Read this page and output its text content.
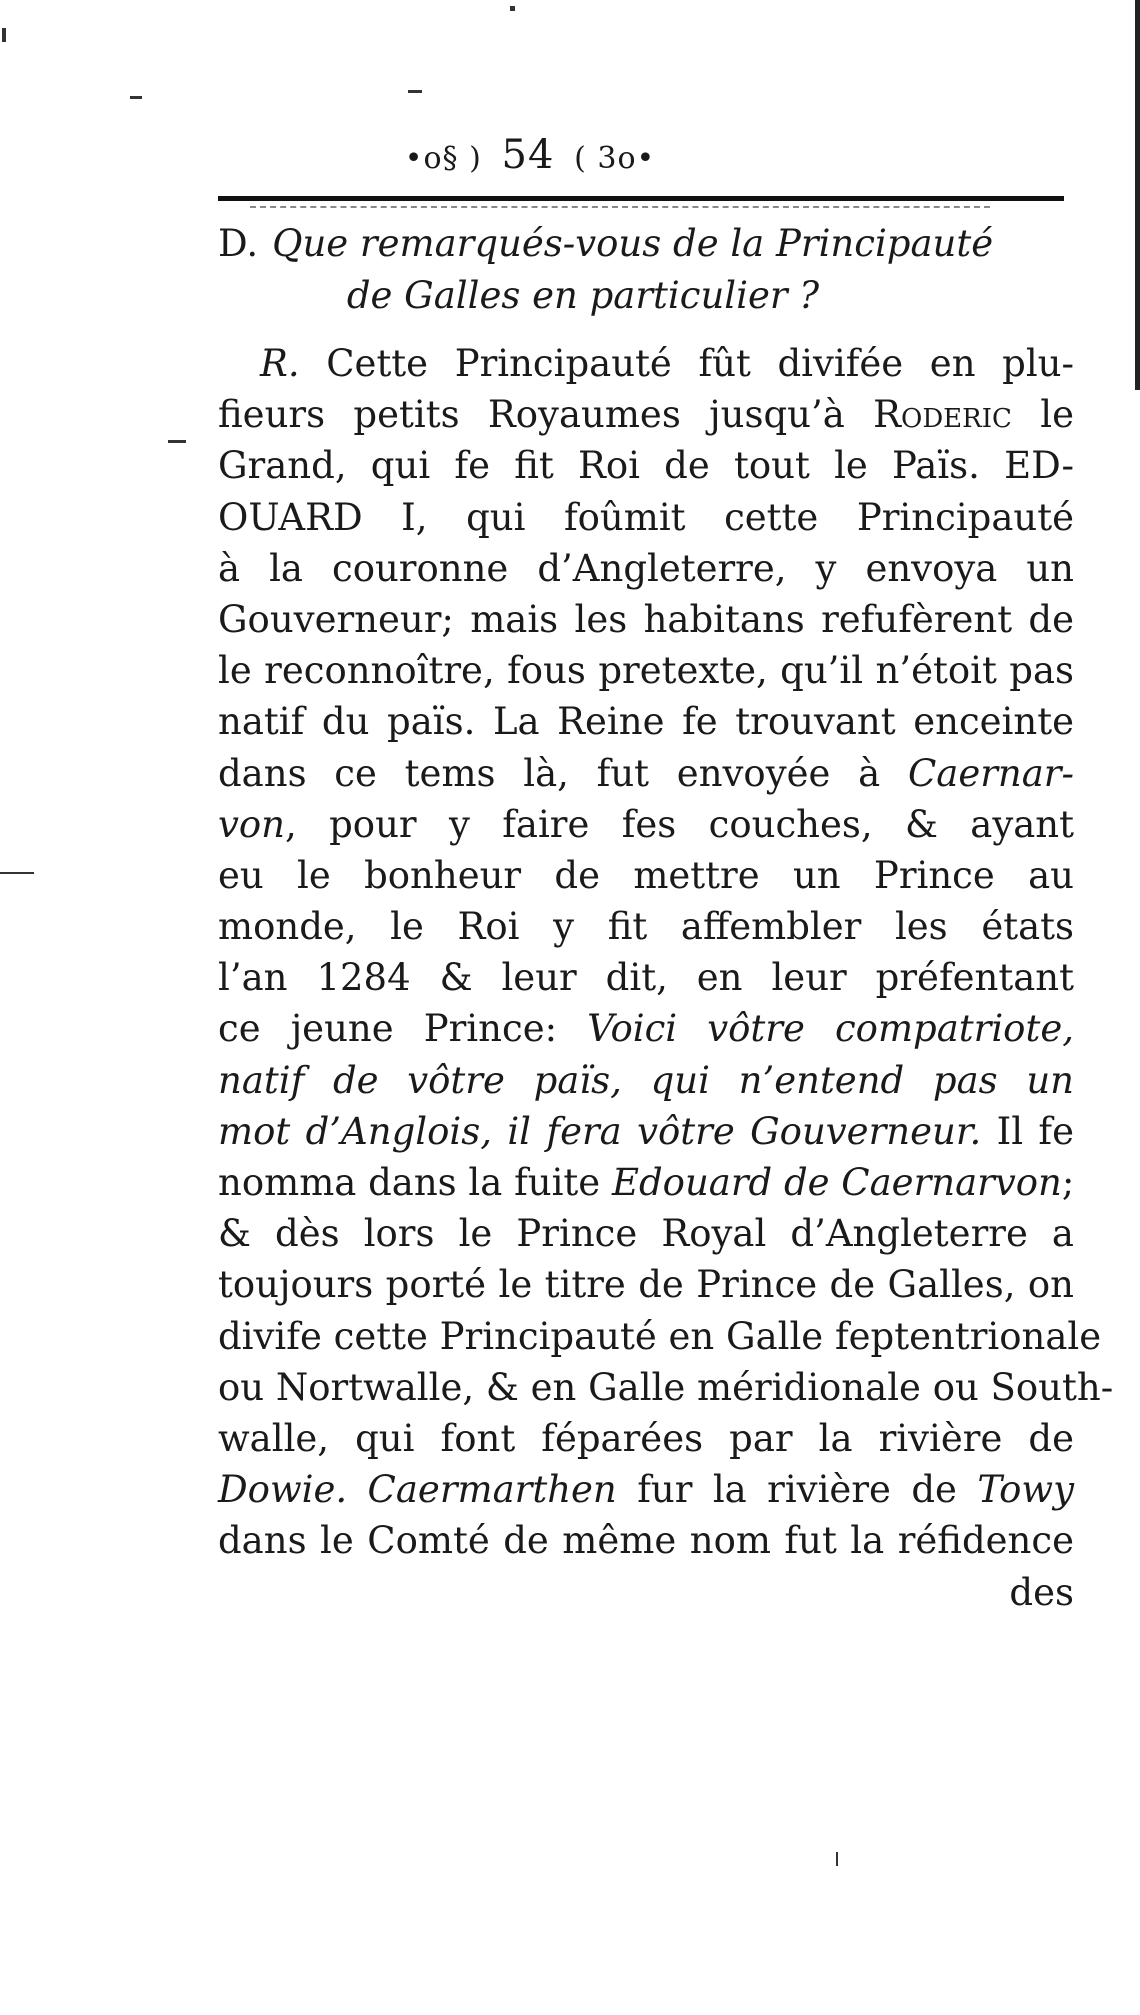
•o§ ) 54 ( 3o•
D. Que remarqués-vous de la Principauté
de Galles en particulier ?
R. Cette Principauté fût divifée en plu-
fieurs petits Royaumes jusqu’à Roderic le
Grand, qui fe fit Roi de tout le Païs. ED-
OUARD I, qui foûmit cette Principauté
à la couronne d’Angleterre, y envoya un
Gouverneur; mais les habitans refufèrent de
le reconnoître, fous pretexte, qu’il n’étoit pas
natif du païs. La Reine fe trouvant enceinte
dans ce tems là, fut envoyée à Caernar-
von, pour y faire fes couches, & ayant
eu le bonheur de mettre un Prince au
monde, le Roi y fit affembler les états
l’an 1284 & leur dit, en leur préfentant
ce jeune Prince: Voici vôtre compatriote,
natif de vôtre païs, qui n’entend pas un
mot d’Anglois, il fera vôtre Gouverneur. Il fe
nomma dans la fuite Edouard de Caernarvon;
& dès lors le Prince Royal d’Angleterre a
toujours porté le titre de Prince de Galles, on
divife cette Principauté en Galle feptentrionale
ou Nortwalle, & en Galle méridionale ou South-
walle, qui font féparées par la rivière de
Dowie. Caermarthen fur la rivière de Towy
dans le Comté de même nom fut la réfidence
des
